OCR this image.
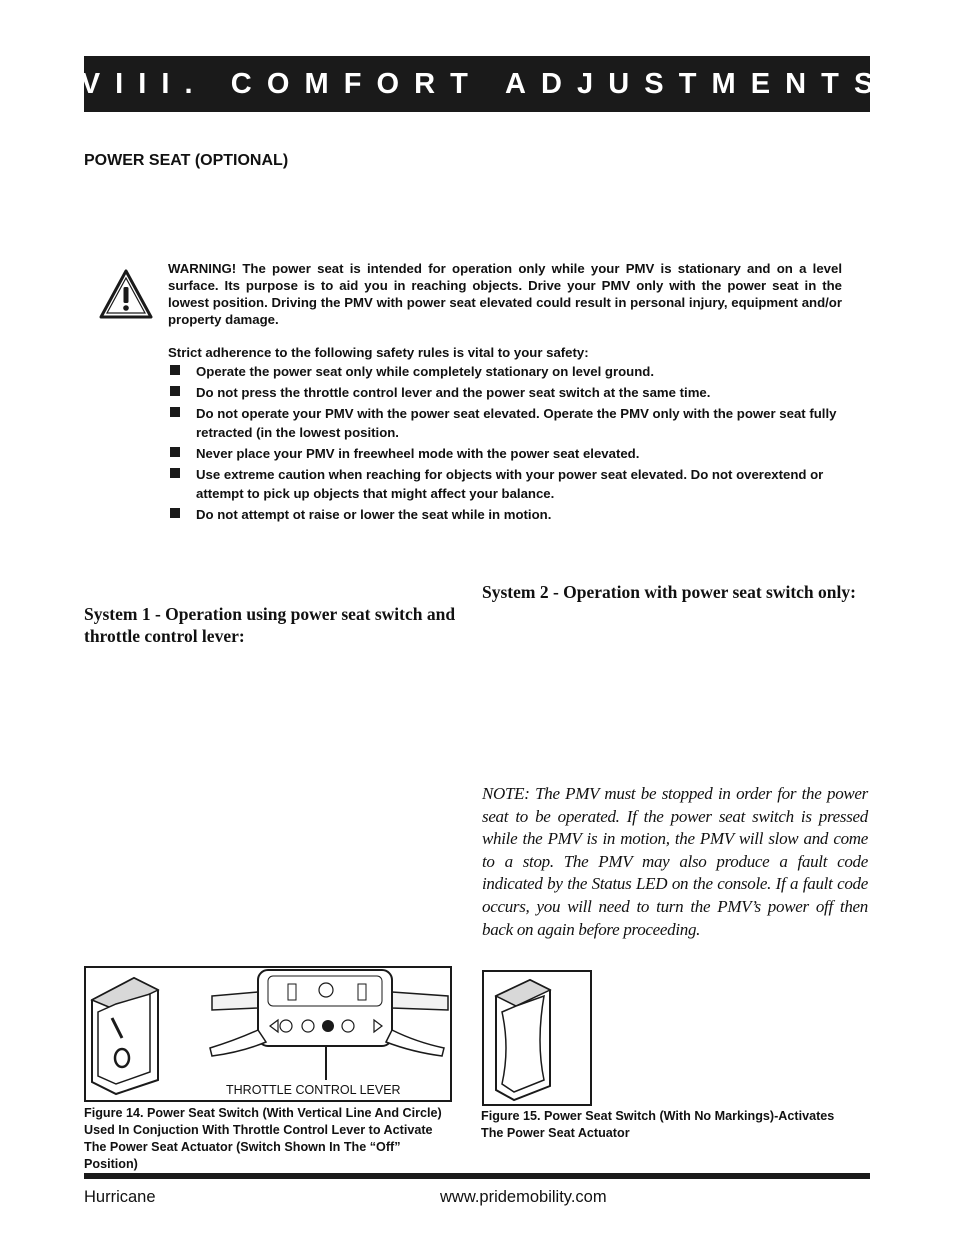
VIII. COMFORT ADJUSTMENTS
POWER SEAT (OPTIONAL)
WARNING! The power seat is intended for operation only while your PMV is stationary and on a level surface. Its purpose is to aid you in reaching objects. Drive your PMV only with the power seat in the lowest position. Driving the PMV with power seat elevated could result in personal injury, equipment and/or property damage.
Strict adherence to the following safety rules is vital to your safety:
Operate the power seat only while completely stationary on level ground.
Do not press the throttle control lever and the power seat switch at the same time.
Do not operate your PMV with the power seat elevated. Operate the PMV only with the power seat fully retracted (in the lowest position.
Never place your PMV in freewheel mode with the power seat elevated.
Use extreme caution when reaching for objects with your power seat elevated. Do not overextend or attempt to pick up objects that might affect your balance.
Do not attempt ot raise or lower the seat while in motion.
System 1 - Operation using power seat switch and throttle control lever:
System 2 - Operation with power seat switch only:
NOTE: The PMV must be stopped in order for the power seat to be operated. If the power seat switch is pressed while the PMV is in motion, the PMV will slow and come to a stop. The PMV may also produce a fault code indicated by the Status LED on the console. If a fault code occurs, you will need to turn the PMV’s power off then back on again before proceeding.
THROTTLE CONTROL LEVER
Figure 14. Power Seat Switch (With Vertical Line And Circle) Used In Conjuction With Throttle Control Lever to Activate The Power Seat Actuator (Switch Shown In The “Off” Position)
Figure 15. Power Seat Switch (With No Markings)-Activates The Power Seat Actuator
Hurricane	www.pridemobility.com
